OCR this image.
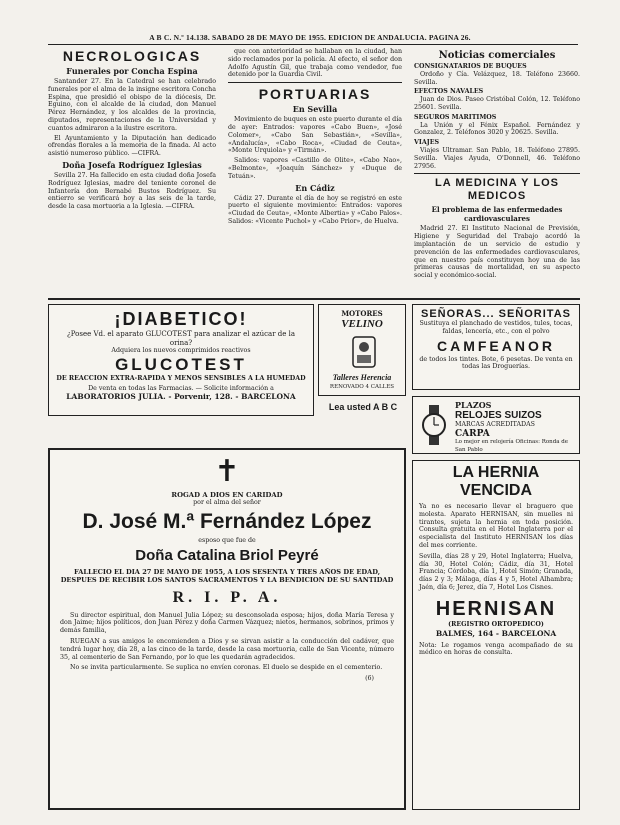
A B C. N.º 14.138. SABADO 28 DE MAYO DE 1955. EDICION DE ANDALUCIA. PAGINA 26.
NECROLOGICAS
Funerales por Concha Espina

Santander 27. En la Catedral se han celebrado funerales por el alma de la insigne escritora Concha Espina, que presidió el obispo de la diócesis, Dr. Eguino, con el alcalde de la ciudad, don Manuel Pérez Hernández, y los alcaldes de la provincia, diputados, representaciones de la Universidad y cuantos admiraron a la ilustre escritora.

El Ayuntamiento y la Diputación han dedicado ofrendas florales a la memoria de la finada. Al acto asistió numeroso público. —CIFRA.

Doña Josefa Rodríguez Iglesias

Sevilla 27. Ha fallecido en esta ciudad doña Josefa Rodríguez Iglesias, madre del teniente coronel de Infantería don Bernabé Bustos Rodríguez. Su entierro se verificará hoy a las seis de la tarde, desde la casa mortuoria a la Iglesia. —CIFRA.

que con anterioridad se hallaban en la ciudad, han sido reclamados por la policía. Al efecto, el señor don Adolfo Agustín Gil, que trabaja como vendedor, fue detenido por la Guardia Civil.

PORTUARIAS
En Sevilla

Movimiento de buques en este puerto durante el día de ayer: Entrados: vapores «Cabo Buen», «José Colomer», «Cabo San Sebastián», «Sevilla», «Andalucía», «Cabo Roca», «Ciudad de Ceuta», «Monte Urquiola» y «Tirmán».

Salidos: vapores «Castillo de Olite», «Cabo Nao», «Belmonte», «Joaquín Sánchez» y «Duque de Tetuán».

En Cádiz

Cádiz 27. Durante el día de hoy se registró en este puerto el siguiente movimiento: Entrados: vapores «Ciudad de Ceuta», «Monte Albertia» y «Cabo Palos». Salidos: «Vicente Puchol» y «Cabo Prior», de Huelva.

Noticias comerciales
CONSIGNATARIOS DE BUQUES

Ordoño y Cía. Velázquez, 18. Teléfono 23660. Sevilla.

EFECTOS NAVALES

Juan de Dios. Paseo Cristóbal Colón, 12. Teléfono 25601. Sevilla.

SEGUROS MARITIMOS

La Unión y el Fénix Español. Fernández y Gonzalez, 2. Teléfonos 3020 y 20625. Sevilla.

VIAJES

Viajes Ultramar. San Pablo, 18. Teléfono 27895. Sevilla. Viajes Ayuda, O'Donnell, 46. Teléfono 27956.

LA MEDICINA Y LOS MEDICOS
El problema de las enfermedades cardiovasculares

Madrid 27. El Instituto Nacional de Previsión, Higiene y Seguridad del Trabajo acordó la implantación de un servicio de estudio y prevención de las enfermedades cardiovasculares, que en nuestro país constituyen hoy una de las primeras causas de mortalidad, en su aspecto social y económico-social.

¡DIABETICO!
¿Posee Vd. el aparato GLUCOTEST para analizar el azúcar de la orina?
Adquiera los nuevos comprimidos reactivos
GLUCOTEST
DE REACCION EXTRA-RAPIDA Y MENOS SENSIBLES A LA HUMEDAD
De venta en todas las Farmacias. — Solicite información a
LABORATORIOS JULIA. - Porvenir, 128. - BARCELONA
MOTORES
VELINO
Talleres Herencia
RENOVADO 4 CALLES
Lea usted A B C
SEÑORAS... SEÑORITAS
Sustituya el planchado de vestidos, tules, tocas, faldas, lencería, etc., con el polvo
CAMFEANOR
de todos los tintes. Bote, 6 pesetas. De venta en todas las Droguerías.
PLAZOS
RELOJES SUIZOS
MARCAS ACREDITADAS
CARPA
Lo mejor en relojería Oficinas: Ronda de San Pablo
LA HERNIA VENCIDA

Ya no es necesario llevar el braguero que molesta. Aparato HERNISAN, sin muelles ni tirantes, sujeta la hernia en toda posición. Consulta gratuita en el Hotel Inglaterra por el especialista del Instituto HERNISAN los días del mes corriente.

Sevilla, días 28 y 29, Hotel Inglaterra; Huelva, día 30, Hotel Colón; Cádiz, día 31, Hotel Francia; Córdoba, día 1, Hotel Simón; Granada, días 2 y 3; Málaga, días 4 y 5, Hotel Alhambra; Jaén, día 6; Jerez, día 7, Hotel Los Cisnes.

HERNISAN
(REGISTRO ORTOPEDICO)
BALMES, 164 - BARCELONA

Nota: Le rogamos venga acompañado de su médico en horas de consulta.

✝
ROGAD A DIOS EN CARIDAD
por el alma del señor
D. José M.ª Fernández López
esposo que fue de
Doña Catalina Briol Peyré
FALLECIO EL DIA 27 DE MAYO DE 1955, A LOS SESENTA Y TRES AÑOS DE EDAD, DESPUES DE RECIBIR LOS SANTOS SACRAMENTOS Y LA BENDICION DE SU SANTIDAD
R. I. P. A.

Su director espiritual, don Manuel Julia López; su desconsolada esposa; hijos, doña María Teresa y don Jaime; hijos políticos, don Juan Pérez y doña Carmen Vázquez; nietos, hermanos, sobrinos, primos y demás familia,

RUEGAN a sus amigos le encomienden a Dios y se sirvan asistir a la conducción del cadáver, que tendrá lugar hoy, día 28, a las cinco de la tarde, desde la casa mortuoria, calle de San Vicente, número 35, al cementerio de San Fernando, por lo que les quedarán agradecidos.

No se invita particularmente. Se suplica no envíen coronas. El duelo se despide en el cementerio.

(6)
